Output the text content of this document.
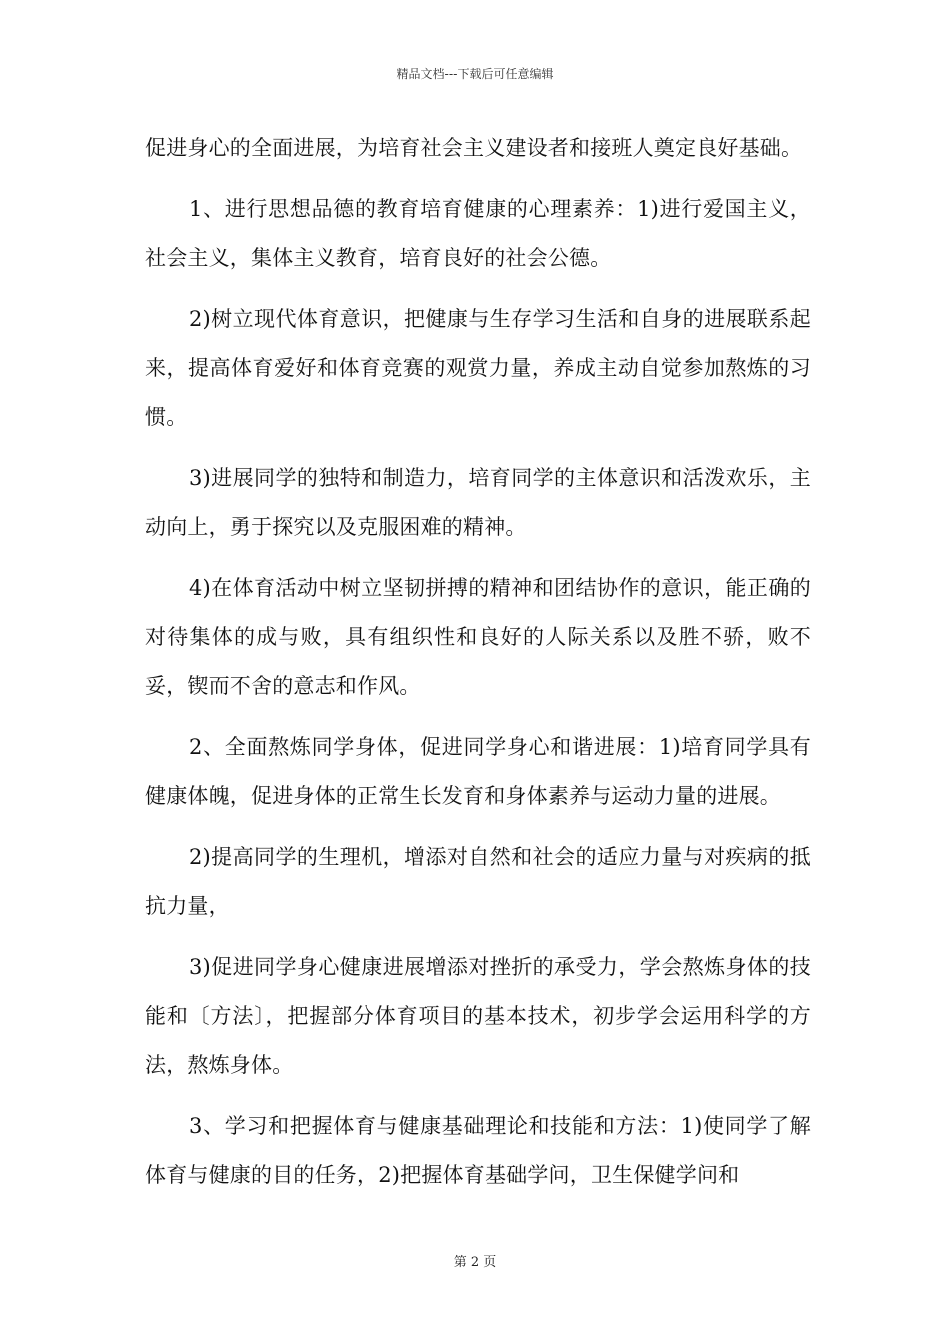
精品文档---下载后可任意编辑

促进身心的全面进展，为培育社会主义建设者和接班人奠定良好基础。

1、进行思想品德的教育培育健康的心理素养：1)进行爱国主义，社会主义，集体主义教育，培育良好的社会公德。

2)树立现代体育意识，把健康与生存学习生活和自身的进展联系起来，提高体育爱好和体育竞赛的观赏力量，养成主动自觉参加熬炼的习惯。

3)进展同学的独特和制造力，培育同学的主体意识和活泼欢乐，主动向上，勇于探究以及克服困难的精神。

4)在体育活动中树立坚韧拼搏的精神和团结协作的意识，能正确的对待集体的成与败，具有组织性和良好的人际关系以及胜不骄，败不妥，锲而不舍的意志和作风。

2、全面熬炼同学身体，促进同学身心和谐进展：1)培育同学具有健康体魄，促进身体的正常生长发育和身体素养与运动力量的进展。

2)提高同学的生理机，增添对自然和社会的适应力量与对疾病的抵抗力量，

3)促进同学身心健康进展增添对挫折的承受力，学会熬炼身体的技能和〔方法〕，把握部分体育项目的基本技术，初步学会运用科学的方法，熬炼身体。

3、学习和把握体育与健康基础理论和技能和方法：1)使同学了解体育与健康的目的任务，2)把握体育基础学问，卫生保健学问和

第 2 页
